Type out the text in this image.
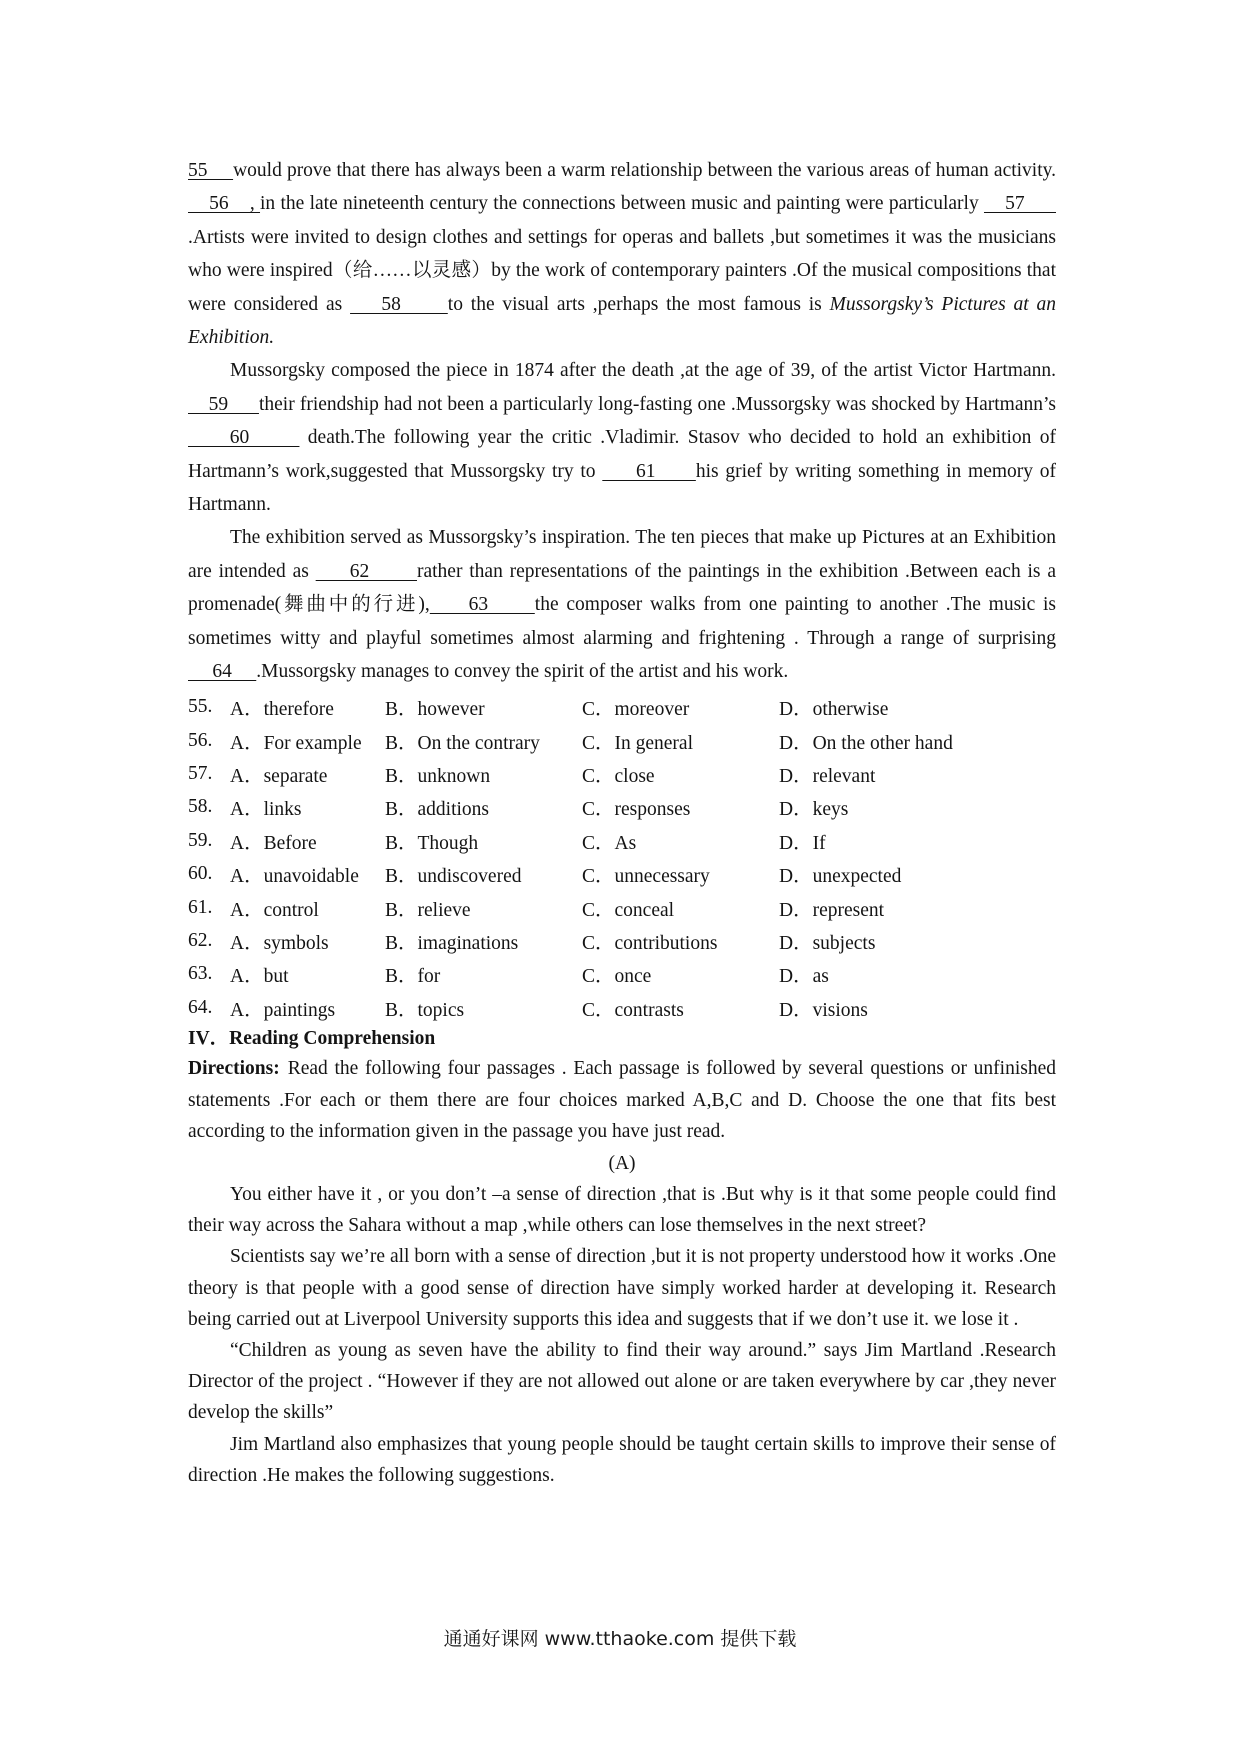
55     would prove that there has always been a warm relationship between the various areas of human activity.    56    , in the late nineteenth century the connections between music and painting were particularly     57       .Artists were invited to design clothes and settings for operas and ballets ,but sometimes it was the musicians who were inspired（给……以灵感）by the work of contemporary painters .Of the musical compositions that were considered as     58      to the visual arts ,perhaps the most famous is Mussorgsky’s Pictures at an Exhibition.

Mussorgsky composed the piece in 1874 after the death ,at the age of 39, of the artist Victor Hartmann.    59      their friendship had not been a particularly long-fasting one .Mussorgsky was shocked by Hartmann’s      60       death.The following year the critic .Vladimir. Stasov who decided to hold an exhibition of Hartmann’s work,suggested that Mussorgsky try to      61      his grief by writing something in memory of Hartmann.

The exhibition served as Mussorgsky’s inspiration. The ten pieces that make up Pictures at an Exhibition are intended as      62       rather than representations of the paintings in the exhibition .Between each is a promenade(舞曲中的行进),     63      the composer walks from one painting to another .The music is sometimes witty and playful sometimes almost alarming and frightening . Through a range of surprising      64     .Mussorgsky manages to convey the spirit of the artist and his work.

55. A．therefore	B．however	C．moreover	D．otherwise
56. A．For example	B．On the contrary	C．In general	D．On the other hand
57. A．separate	B．unknown	C．close	D．relevant
58. A．links	B．additions	C．responses	D．keys
59. A．Before	B．Though	C．As	D．If
60. A．unavoidable	B．undiscovered	C．unnecessary	D．unexpected
61. A．control	B．relieve	C．conceal	D．represent
62. A．symbols	B．imaginations	C．contributions	D．subjects
63. A．but	B．for	C．once	D．as
64. A．paintings	B．topics	C．contrasts	D．visions

IV．Reading Comprehension

Directions: Read the following four passages . Each passage is followed by several questions or unfinished statements .For each or them there are four choices marked A,B,C and D. Choose the one that fits best according to the information given in the passage you have just read.

(A)

You either have it , or you don’t –a sense of direction ,that is .But why is it that some people could find their way across the Sahara without a map ,while others can lose themselves in the next street?

Scientists say we’re all born with a sense of direction ,but it is not property understood how it works .One theory is that people with a good sense of direction have simply worked harder at developing it. Research being carried out at Liverpool University supports this idea and suggests that if we don’t use it. we lose it .

“Children as young as seven have the ability to find their way around.” says Jim Martland .Research Director of the project . “However if they are not allowed out alone or are taken everywhere by car ,they never develop the skills”

Jim Martland also emphasizes that young people should be taught certain skills to improve their sense of direction .He makes the following suggestions.

通通好课网 www.tthaoke.com 提供下载
